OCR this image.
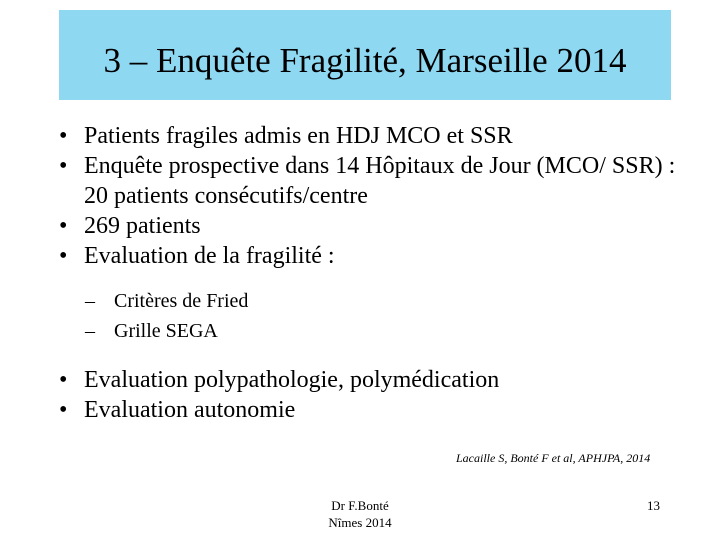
3 – Enquête Fragilité, Marseille 2014

• Patients fragiles admis en HDJ MCO et SSR

• Enquête prospective dans 14 Hôpitaux de Jour (MCO/ SSR) : 20 patients consécutifs/centre

• 269 patients

• Evaluation de la fragilité :

– Critères de Fried

– Grille SEGA

• Evaluation polypathologie, polymédication

• Evaluation autonomie

Lacaille S, Bonté F et al, APHJPA, 2014
Dr F.Bonté
Nîmes 2014
13
